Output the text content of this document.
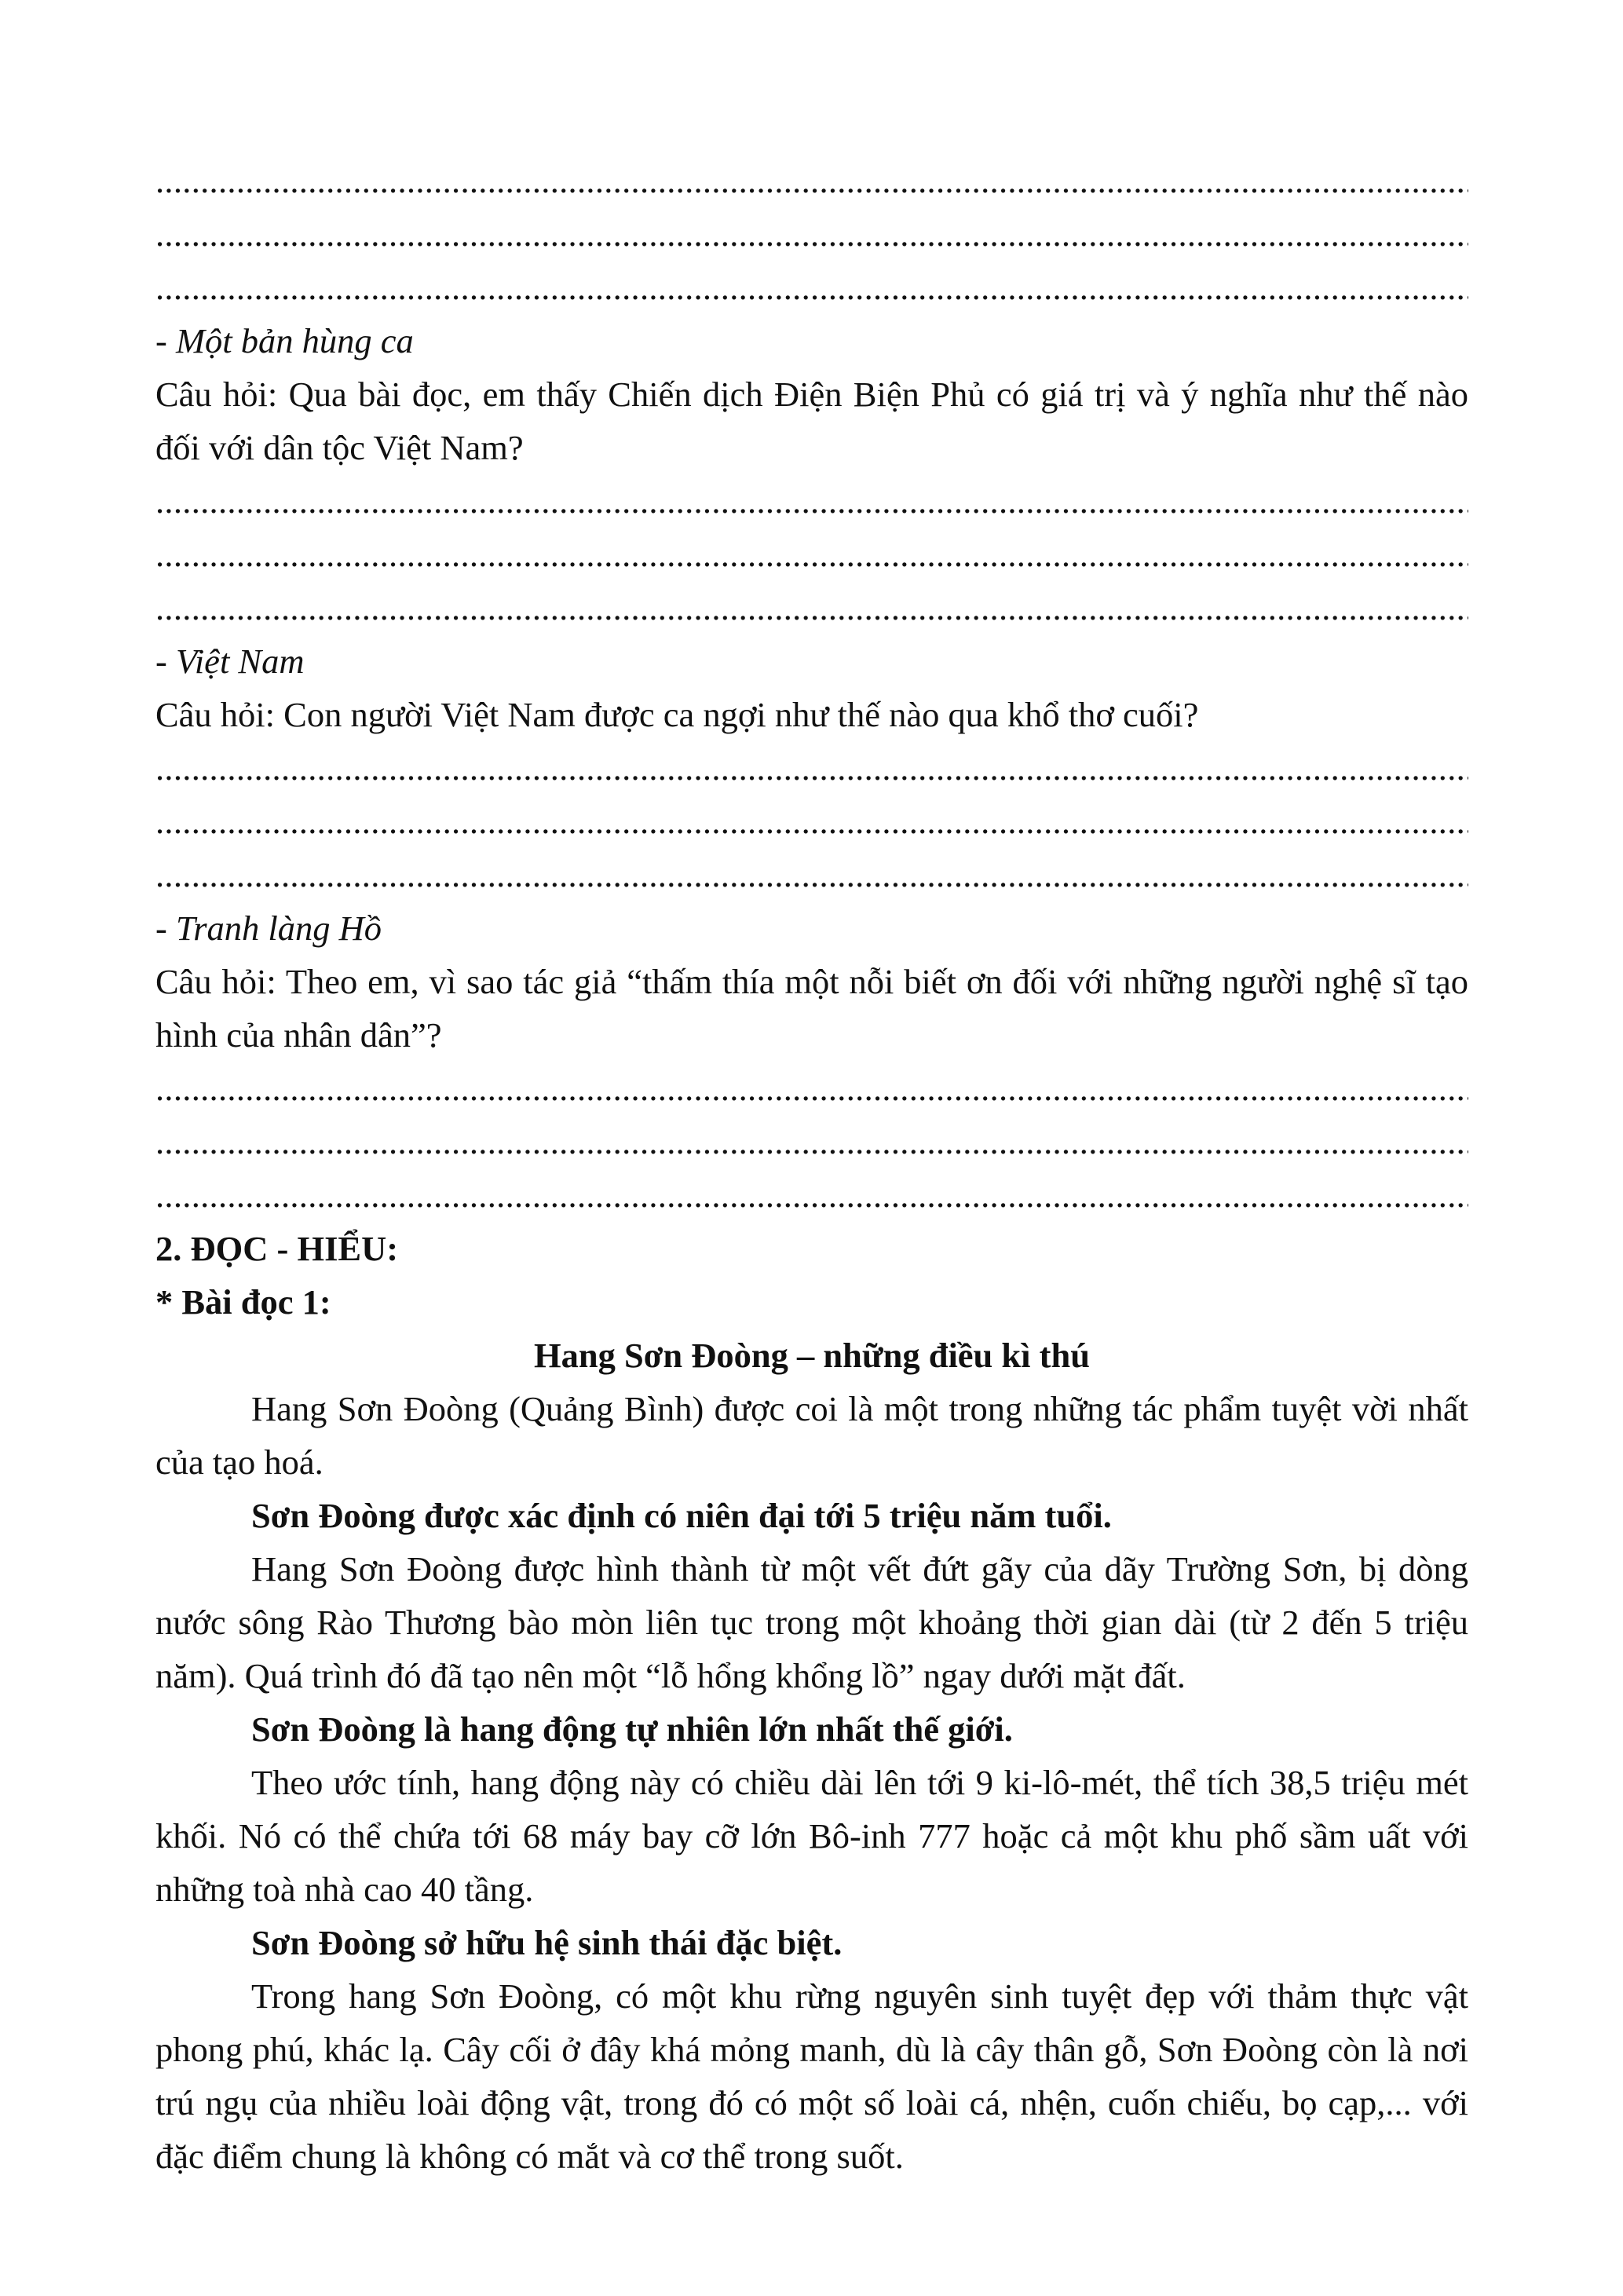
.....
.....
.....

- Một bản hùng ca

Câu hỏi: Qua bài đọc, em thấy Chiến dịch Điện Biện Phủ có giá trị và ý nghĩa như thế nào đối với dân tộc Việt Nam?

.....
.....
.....

- Việt Nam

Câu hỏi: Con người Việt Nam được ca ngợi như thế nào qua khổ thơ cuối?

.....
.....
.....

- Tranh làng Hồ

Câu hỏi: Theo em, vì sao tác giả “thấm thía một nỗi biết ơn đối với những người nghệ sĩ tạo hình của nhân dân”?

.....
.....
.....

2. ĐỌC - HIỂU:

* Bài đọc 1:

Hang Sơn Đoòng – những điều kì thú

Hang Sơn Đoòng (Quảng Bình) được coi là một trong những tác phẩm tuyệt vời nhất của tạo hoá.

Sơn Đoòng được xác định có niên đại tới 5 triệu năm tuổi.

Hang Sơn Đoòng được hình thành từ một vết đứt gãy của dãy Trường Sơn, bị dòng nước sông Rào Thương bào mòn liên tục trong một khoảng thời gian dài (từ 2 đến 5 triệu năm). Quá trình đó đã tạo nên một “lỗ hổng khổng lồ” ngay dưới mặt đất.

Sơn Đoòng là hang động tự nhiên lớn nhất thế giới.

Theo ước tính, hang động này có chiều dài lên tới 9 ki-lô-mét, thể tích 38,5 triệu mét khối. Nó có thể chứa tới 68 máy bay cỡ lớn Bô-inh 777 hoặc cả một khu phố sầm uất với những toà nhà cao 40 tầng.

Sơn Đoòng sở hữu hệ sinh thái đặc biệt.

Trong hang Sơn Đoòng, có một khu rừng nguyên sinh tuyệt đẹp với thảm thực vật phong phú, khác lạ. Cây cối ở đây khá mỏng manh, dù là cây thân gỗ, Sơn Đoòng còn là nơi trú ngụ của nhiều loài động vật, trong đó có một số loài cá, nhện, cuốn chiếu, bọ cạp,... với đặc điểm chung là không có mắt và cơ thể trong suốt.
